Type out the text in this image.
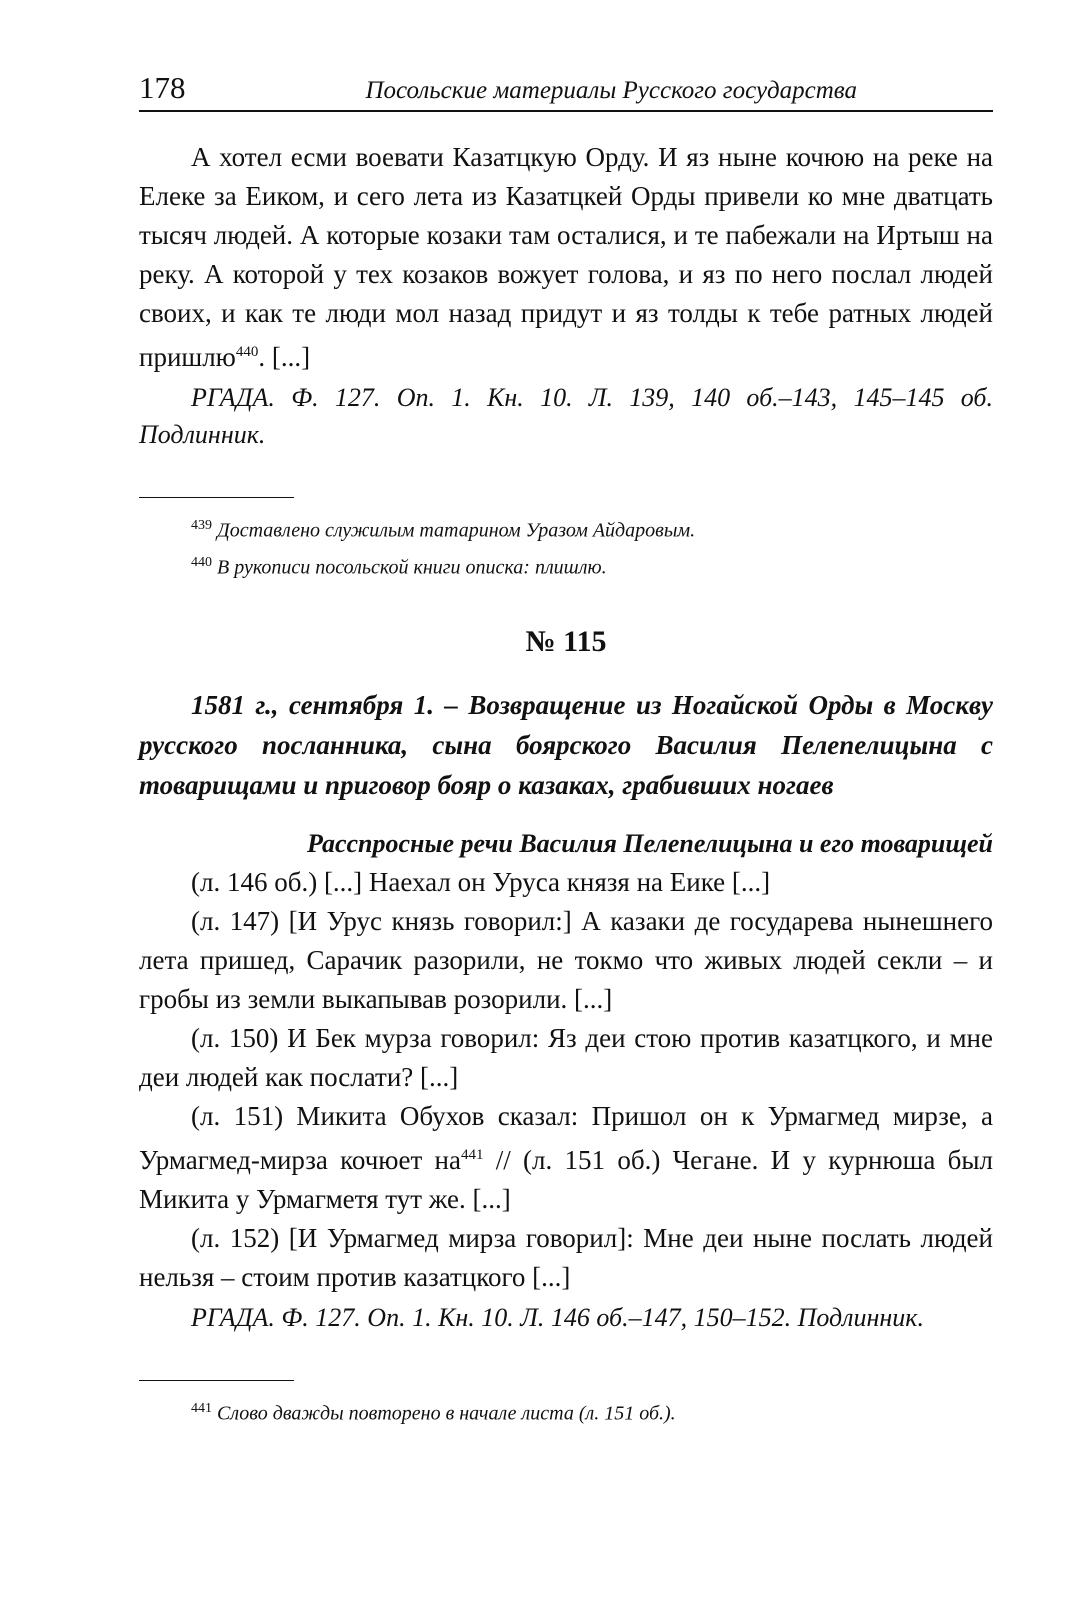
178	Посольские материалы Русского государства

А хотел есми воевати Казатцкую Орду. И яз ныне кочюю на реке на Елеке за Еиком, и сего лета из Казатцкей Орды привели ко мне дватцать тысяч людей. А которые козаки там осталися, и те пабежали на Иртыш на реку. А которой у тех козаков вожует голова, и яз по него послал людей своих, и как те люди мол назад придут и яз толды к тебе ратных людей пришлю$^{440}$. [...]

РГАДА. Ф. 127. Оп. 1. Кн. 10. Л. 139, 140 об.–143, 145–145 об. Подлинник.

$^{439}$ Доставлено служилым татарином Уразом Айдаровым.

$^{440}$ В рукописи посольской книги описка: плишлю.

№ 115

1581 г., сентября 1. – Возвращение из Ногайской Орды в Москву русского посланника, сына боярского Василия Пелепелицына с товарищами и приговор бояр о казаках, грабивших ногаев

Расспросные речи Василия Пелепелицына и его товарищей

(л. 146 об.) [...] Наехал он Уруса князя на Еике [...]

(л. 147) [И Урус князь говорил:] А казаки де государева нынешнего лета пришед, Сарачик разорили, не токмо что живых людей секли – и гробы из земли выкапывав розорили. [...]

(л. 150) И Бек мурза говорил: Яз деи стою против казатцкого, и мне деи людей как послати? [...]

(л. 151) Микита Обухов сказал: Пришол он к Урмагмед мирзе, а Урмагмед-мирза кочюет $на^{441} // (л$. 151 об.) Чегане. И у курнюша был Микита у Урмагметя тут же. [...]

(л. 152) [И Урмагмед мирза говорил]: Мне деи ныне послать людей нельзя – стоим против казатцкого [...]

РГАДА. Ф. 127. Оп. 1. Кн. 10. Л. 146 об.–147, 150–152. Подлинник.

$^{441}$ Слово дважды повторено в начале листа (л. 151 об.).
